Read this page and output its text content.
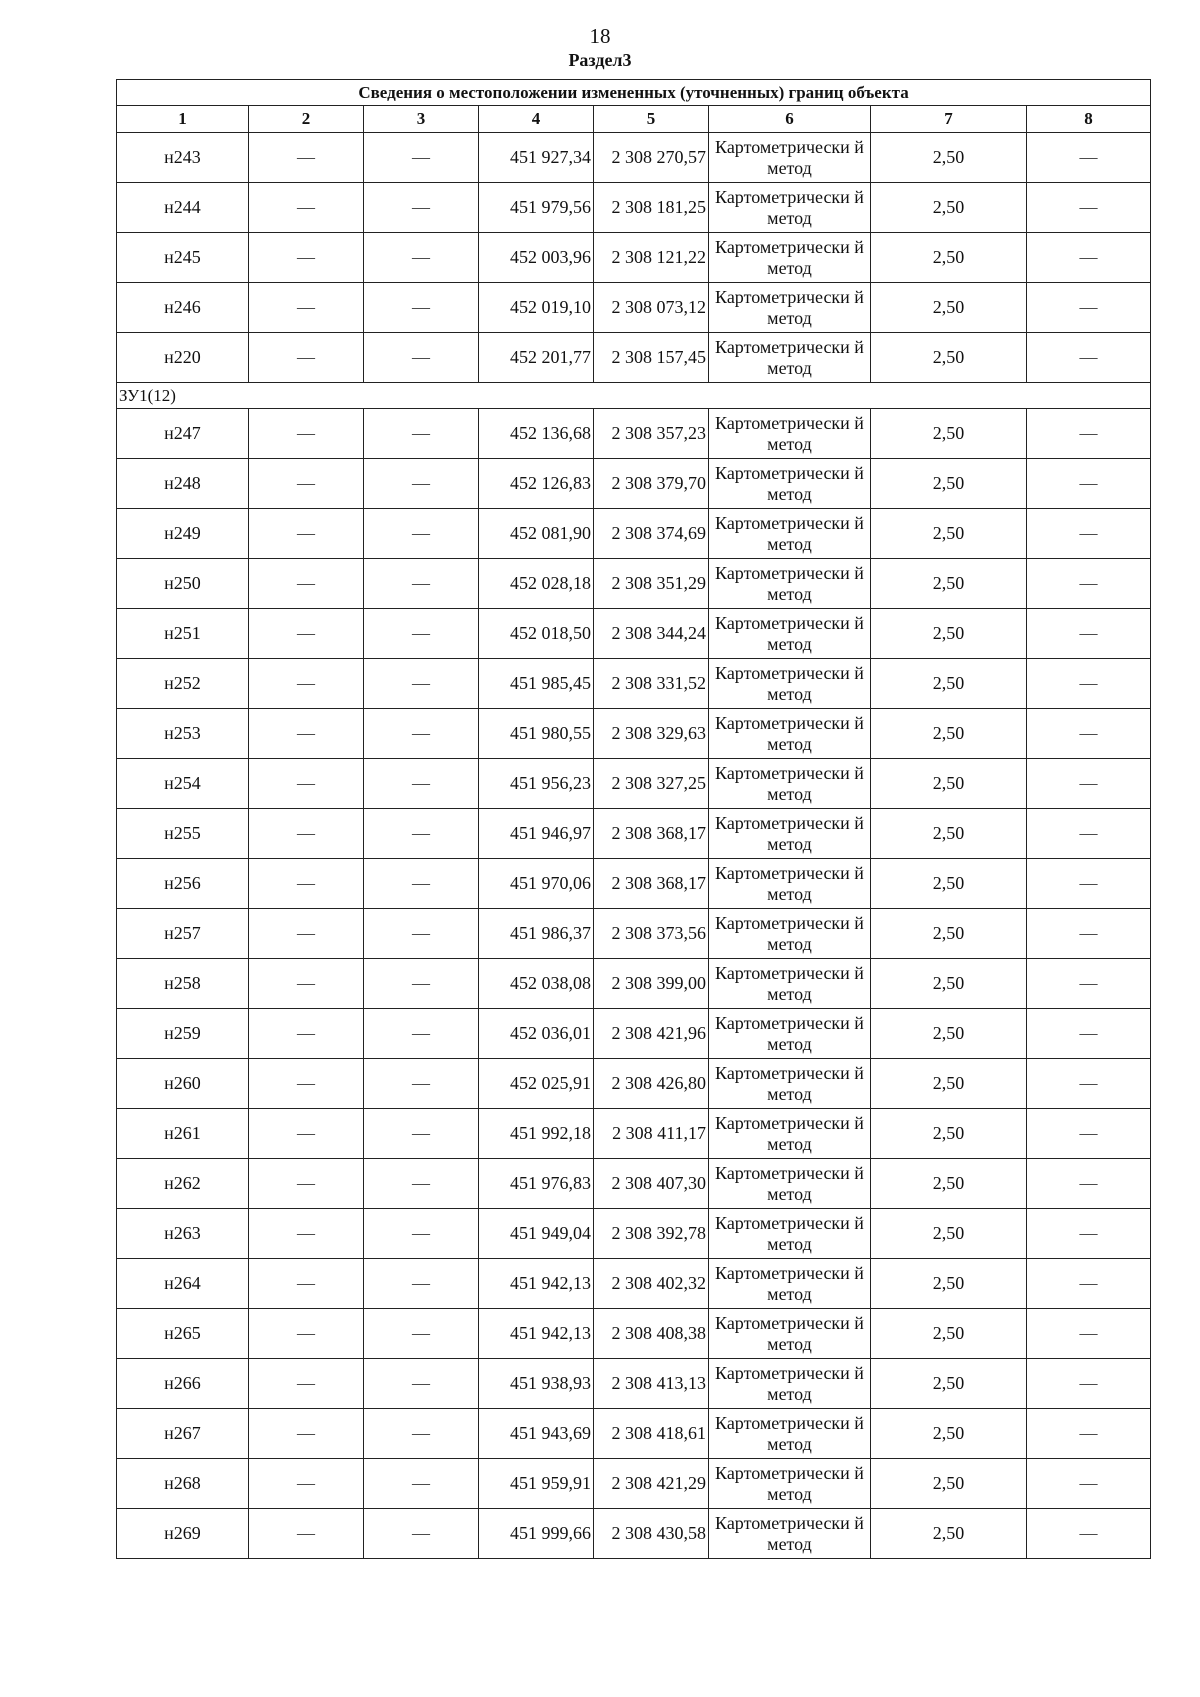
18
Раздел3
Сведения о местоположении измененных (уточненных) границ объекта							
1	2	3	4	5	6	7	8
н243	—	—	451 927,34	2 308 270,57	Картометрически й метод	2,50	—
н244	—	—	451 979,56	2 308 181,25	Картометрически й метод	2,50	—
н245	—	—	452 003,96	2 308 121,22	Картометрически й метод	2,50	—
н246	—	—	452 019,10	2 308 073,12	Картометрически й метод	2,50	—
н220	—	—	452 201,77	2 308 157,45	Картометрически й метод	2,50	—
ЗУ1(12)							
н247	—	—	452 136,68	2 308 357,23	Картометрически й метод	2,50	—
н248	—	—	452 126,83	2 308 379,70	Картометрически й метод	2,50	—
н249	—	—	452 081,90	2 308 374,69	Картометрически й метод	2,50	—
н250	—	—	452 028,18	2 308 351,29	Картометрически й метод	2,50	—
н251	—	—	452 018,50	2 308 344,24	Картометрически й метод	2,50	—
н252	—	—	451 985,45	2 308 331,52	Картометрически й метод	2,50	—
н253	—	—	451 980,55	2 308 329,63	Картометрически й метод	2,50	—
н254	—	—	451 956,23	2 308 327,25	Картометрически й метод	2,50	—
н255	—	—	451 946,97	2 308 368,17	Картометрически й метод	2,50	—
н256	—	—	451 970,06	2 308 368,17	Картометрически й метод	2,50	—
н257	—	—	451 986,37	2 308 373,56	Картометрически й метод	2,50	—
н258	—	—	452 038,08	2 308 399,00	Картометрически й метод	2,50	—
н259	—	—	452 036,01	2 308 421,96	Картометрически й метод	2,50	—
н260	—	—	452 025,91	2 308 426,80	Картометрически й метод	2,50	—
н261	—	—	451 992,18	2 308 411,17	Картометрически й метод	2,50	—
н262	—	—	451 976,83	2 308 407,30	Картометрически й метод	2,50	—
н263	—	—	451 949,04	2 308 392,78	Картометрически й метод	2,50	—
н264	—	—	451 942,13	2 308 402,32	Картометрически й метод	2,50	—
н265	—	—	451 942,13	2 308 408,38	Картометрически й метод	2,50	—
н266	—	—	451 938,93	2 308 413,13	Картометрически й метод	2,50	—
н267	—	—	451 943,69	2 308 418,61	Картометрически й метод	2,50	—
н268	—	—	451 959,91	2 308 421,29	Картометрически й метод	2,50	—
н269	—	—	451 999,66	2 308 430,58	Картометрически й метод	2,50	—
